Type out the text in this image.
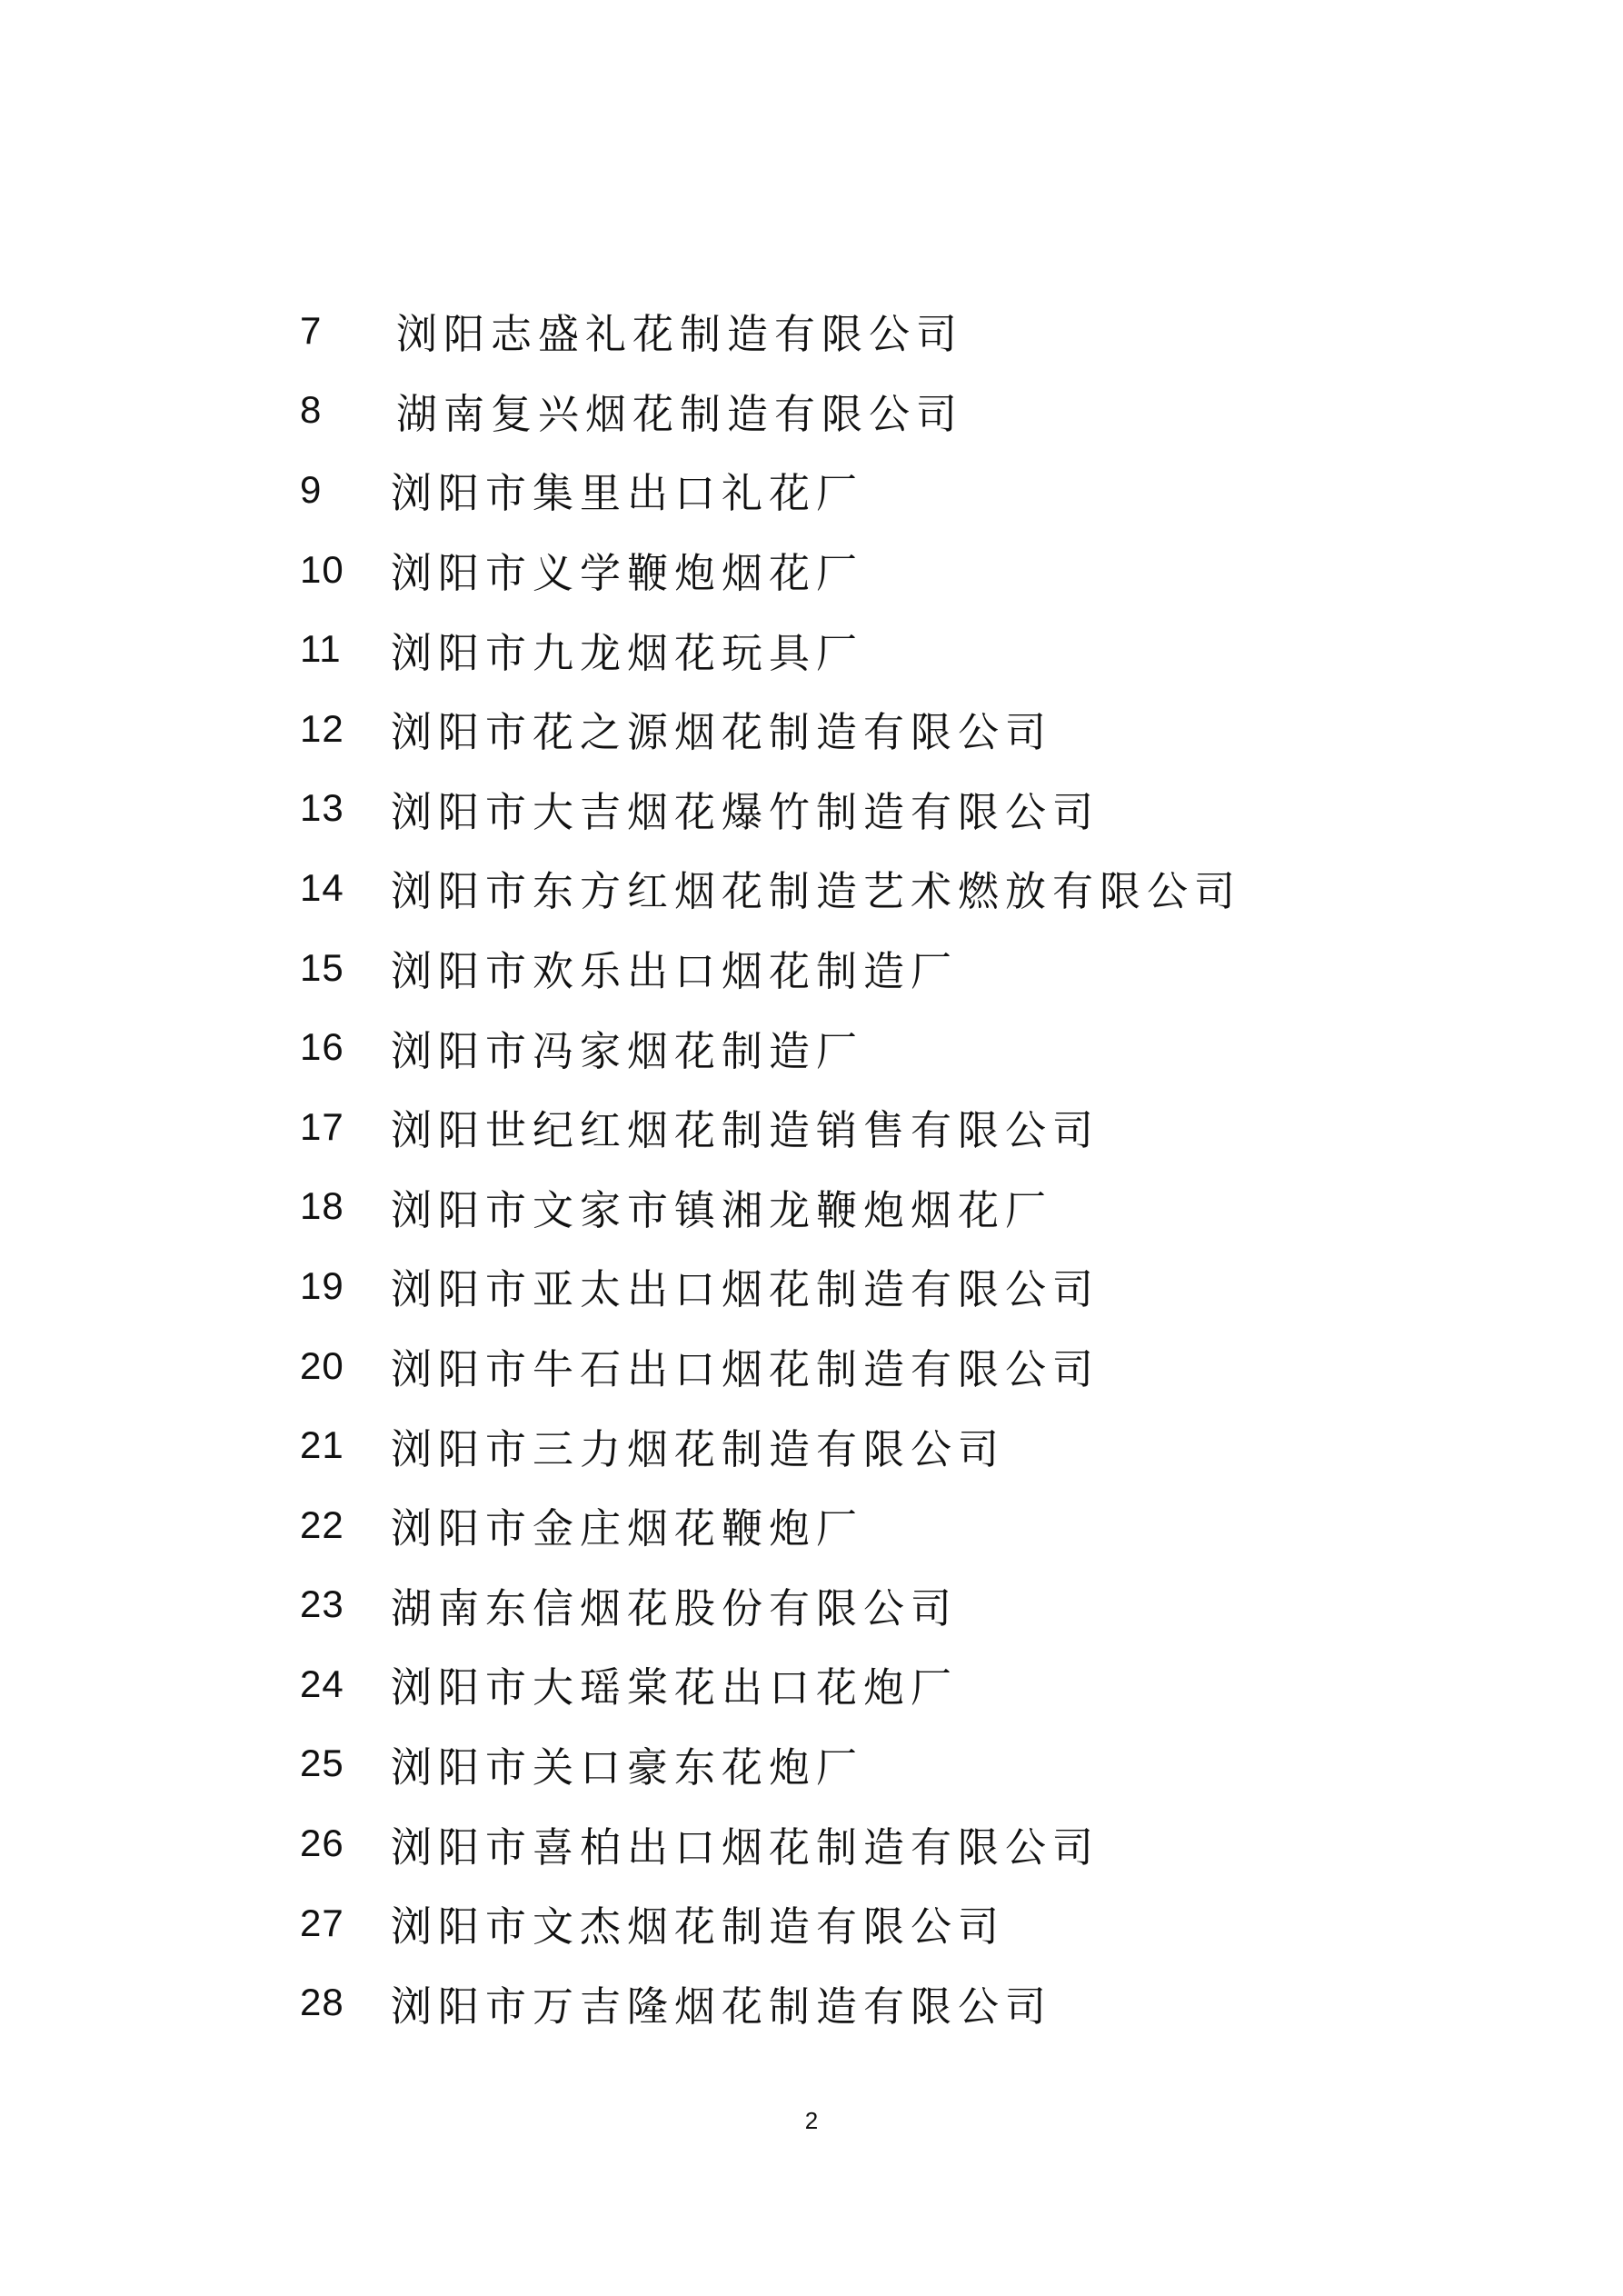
7	浏阳志盛礼花制造有限公司
8	湖南复兴烟花制造有限公司
9	浏阳市集里出口礼花厂
10	浏阳市义学鞭炮烟花厂
11	浏阳市九龙烟花玩具厂
12	浏阳市花之源烟花制造有限公司
13	浏阳市大吉烟花爆竹制造有限公司
14	浏阳市东方红烟花制造艺术燃放有限公司
15	浏阳市欢乐出口烟花制造厂
16	浏阳市冯家烟花制造厂
17	浏阳世纪红烟花制造销售有限公司
18	浏阳市文家市镇湘龙鞭炮烟花厂
19	浏阳市亚太出口烟花制造有限公司
20	浏阳市牛石出口烟花制造有限公司
21	浏阳市三力烟花制造有限公司
22	浏阳市金庄烟花鞭炮厂
23	湖南东信烟花股份有限公司
24	浏阳市大瑶棠花出口花炮厂
25	浏阳市关口豪东花炮厂
26	浏阳市喜柏出口烟花制造有限公司
27	浏阳市文杰烟花制造有限公司
28	浏阳市万吉隆烟花制造有限公司
2
